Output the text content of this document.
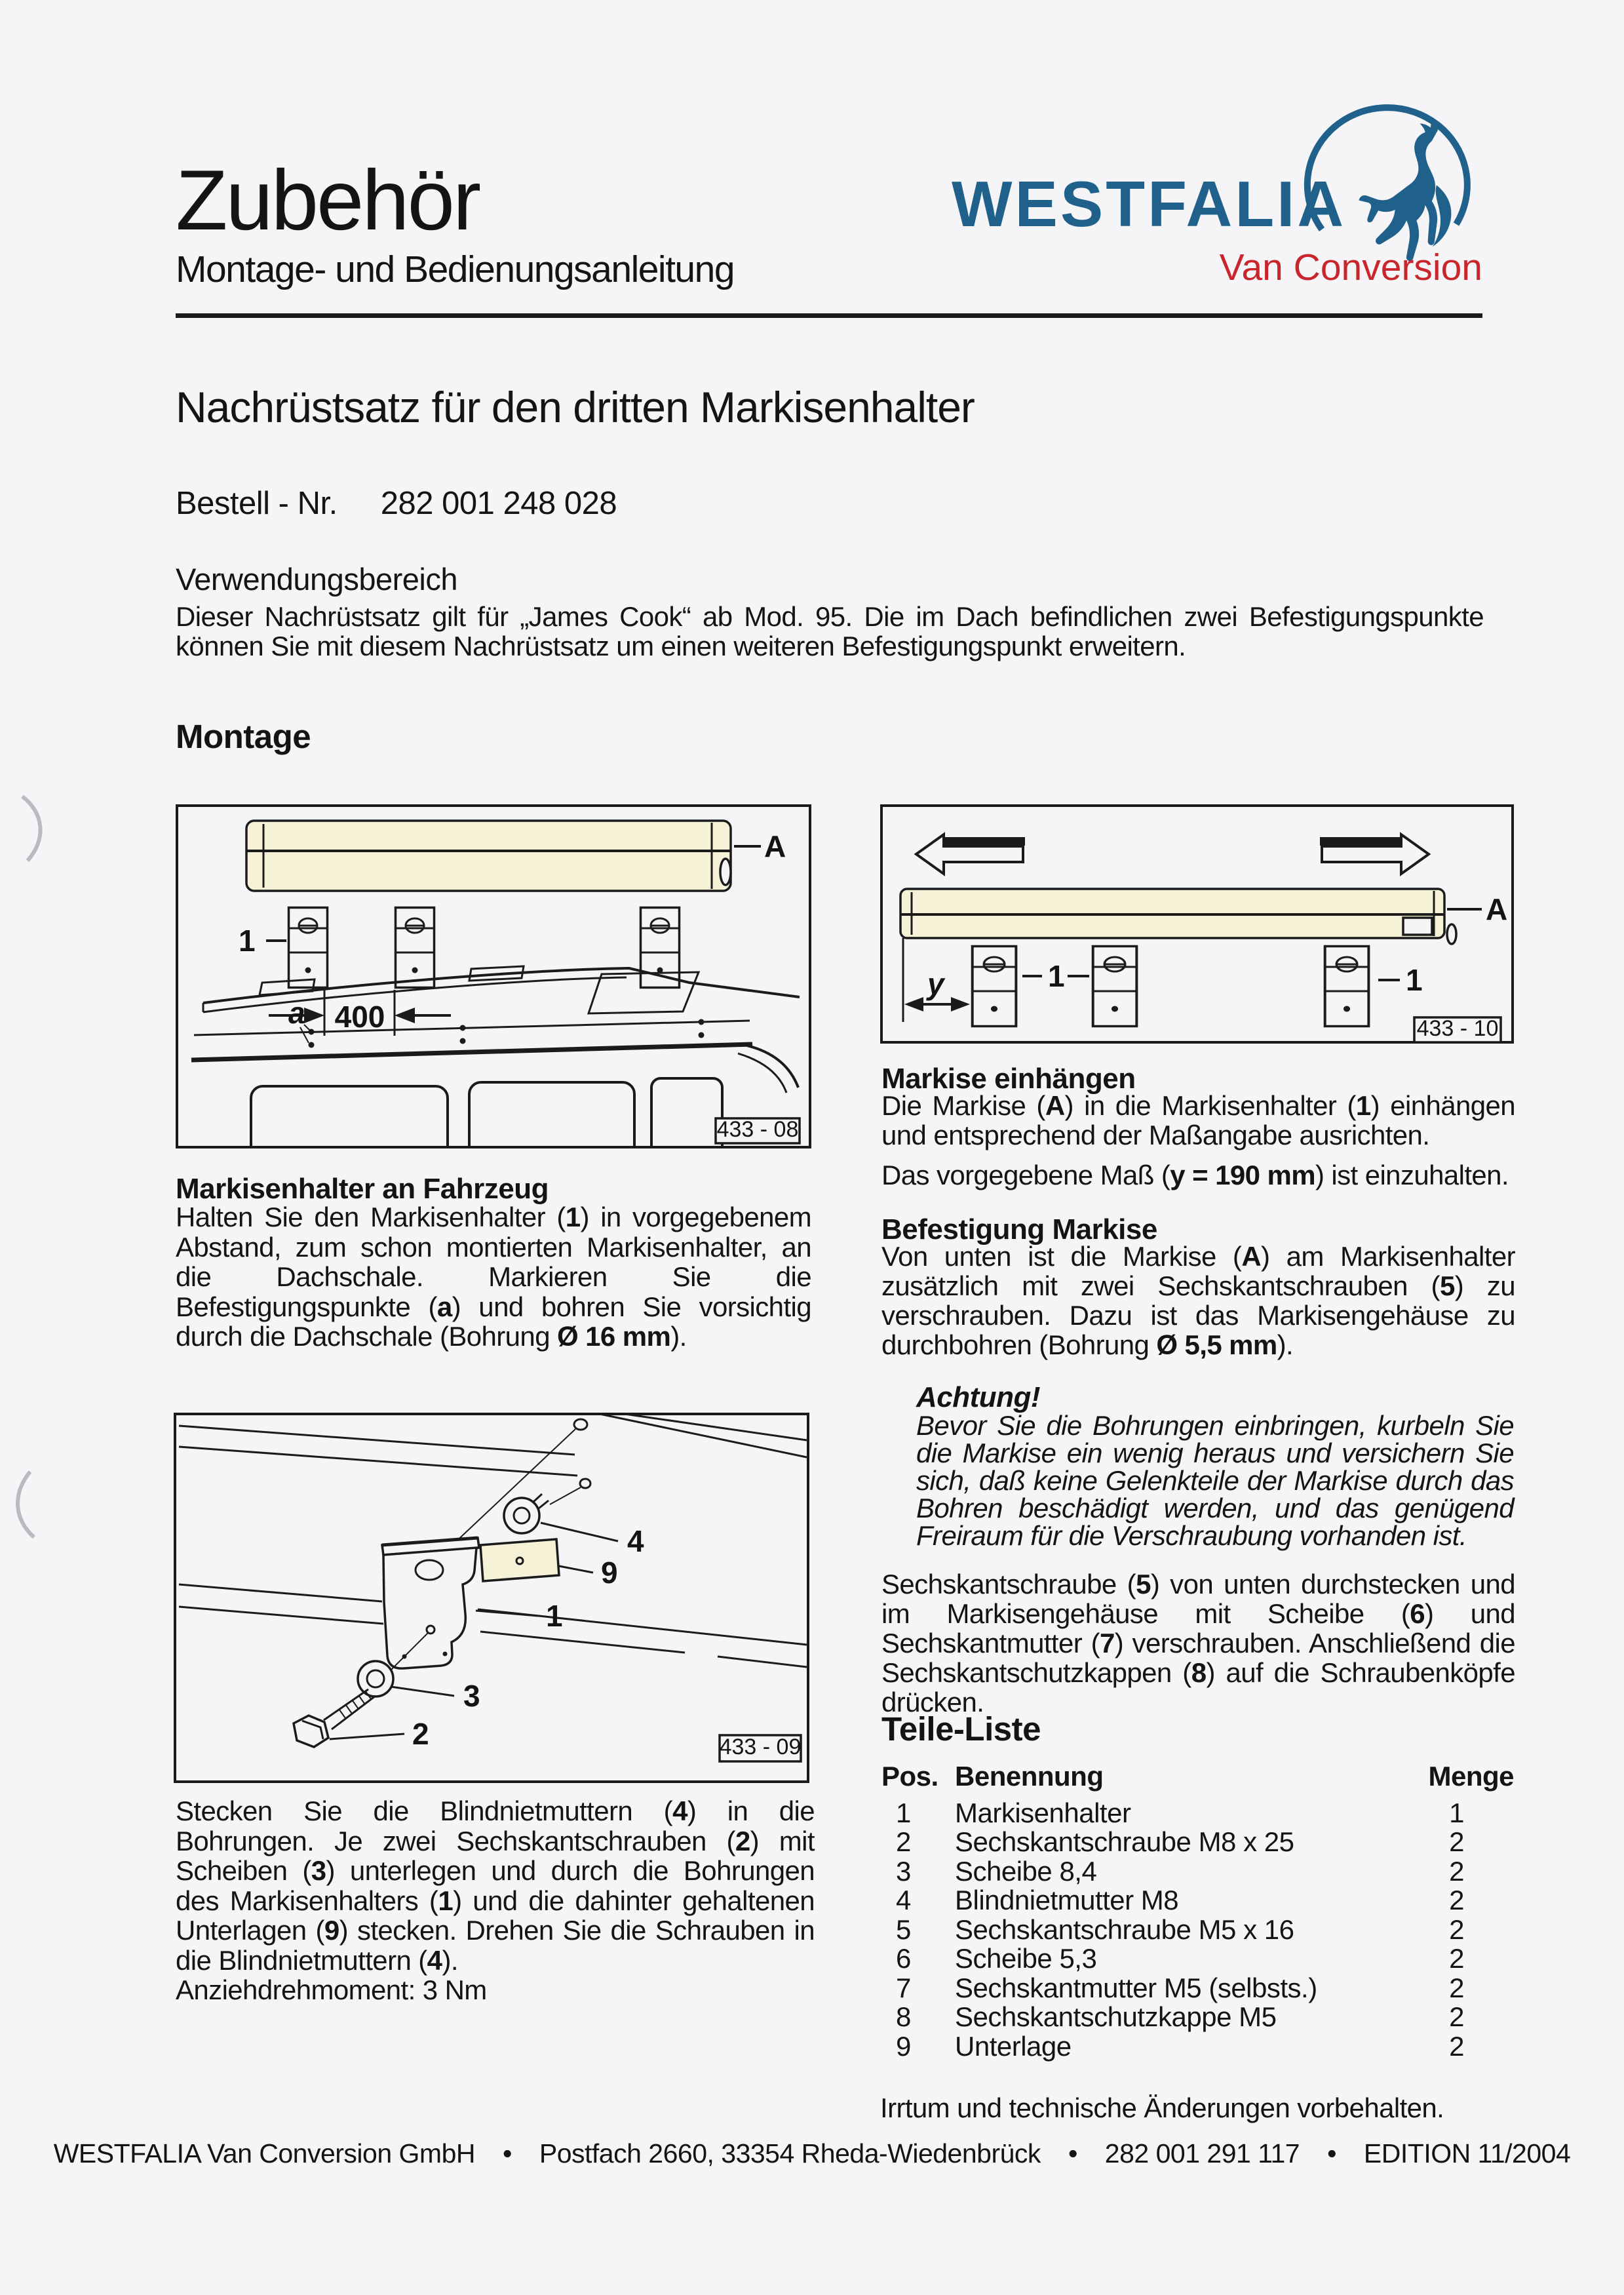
Zubehör
Montage- und Bedienungsanleitung
WESTFALIA
Van Conversion
Nachrüstsatz für den dritten Markisenhalter
Bestell - Nr. 282 001 248 028
Verwendungsbereich
Dieser Nachrüstsatz gilt für „James Cook“ ab Mod. 95. Die im Dach befindlichen zwei Befestigungspunkte können Sie mit diesem Nachrüstsatz um einen weiteren Befestigungspunkt erweitern.
Montage
A
1
400
a
433 - 08
A
y	1	1
433 - 10
Markisenhalter an Fahrzeug
Halten Sie den Markisenhalter (1) in vorgegebenem Abstand, zum schon montierten Markisenhalter, an die Dachschale. Markieren Sie die Befestigungspunkte (a) und bohren Sie vorsichtig durch die Dachschale (Bohrung Ø 16 mm).
4
9
1
3
2	433 - 09
Stecken Sie die Blindnietmuttern (4) in die Bohrungen. Je zwei Sechskantschrauben (2) mit Scheiben (3) unterlegen und durch die Bohrungen des Markisenhalters (1) und die dahinter gehaltenen Unterlagen (9) stecken. Drehen Sie die Schrauben in die Blindnietmuttern (4).
Anziehdrehmoment: 3 Nm
Markise einhängen
Die Markise (A) in die Markisenhalter (1) einhängen und entsprechend der Maßangabe ausrichten.
Das vorgegebene Maß (y = 190 mm) ist einzuhalten.
Befestigung Markise
Von unten ist die Markise (A) am Markisenhalter zusätzlich mit zwei Sechskantschrauben (5) zu verschrauben. Dazu ist das Markisengehäuse zu durchbohren (Bohrung Ø 5,5 mm).
Achtung!
Bevor Sie die Bohrungen einbringen, kurbeln Sie die Markise ein wenig heraus und versichern Sie sich, daß keine Gelenkteile der Markise durch das Bohren beschädigt werden, und das genügend Freiraum für die Verschraubung vorhanden ist.
Sechskantschraube (5) von unten durchstecken und im Markisengehäuse mit Scheibe (6) und Sechskantmutter (7) verschrauben. Anschließend die Sechskantschutzkappen (8) auf die Schraubenköpfe drücken.
Teile-Liste
Pos. Benennung	Menge
1	Markisenhalter	1
2	Sechskantschraube M8 x 25	2
3	Scheibe 8,4	2
4	Blindnietmutter M8	2
5	Sechskantschraube M5 x 16	2
6	Scheibe 5,3	2
7	Sechskantmutter M5 (selbsts.)	2
8	Sechskantschutzkappe M5	2
9	Unterlage	2
Irrtum und technische Änderungen vorbehalten.
WESTFALIA Van Conversion GmbH • Postfach 2660, 33354 Rheda-Wiedenbrück • 282 001 291 117 • EDITION 11/2004
